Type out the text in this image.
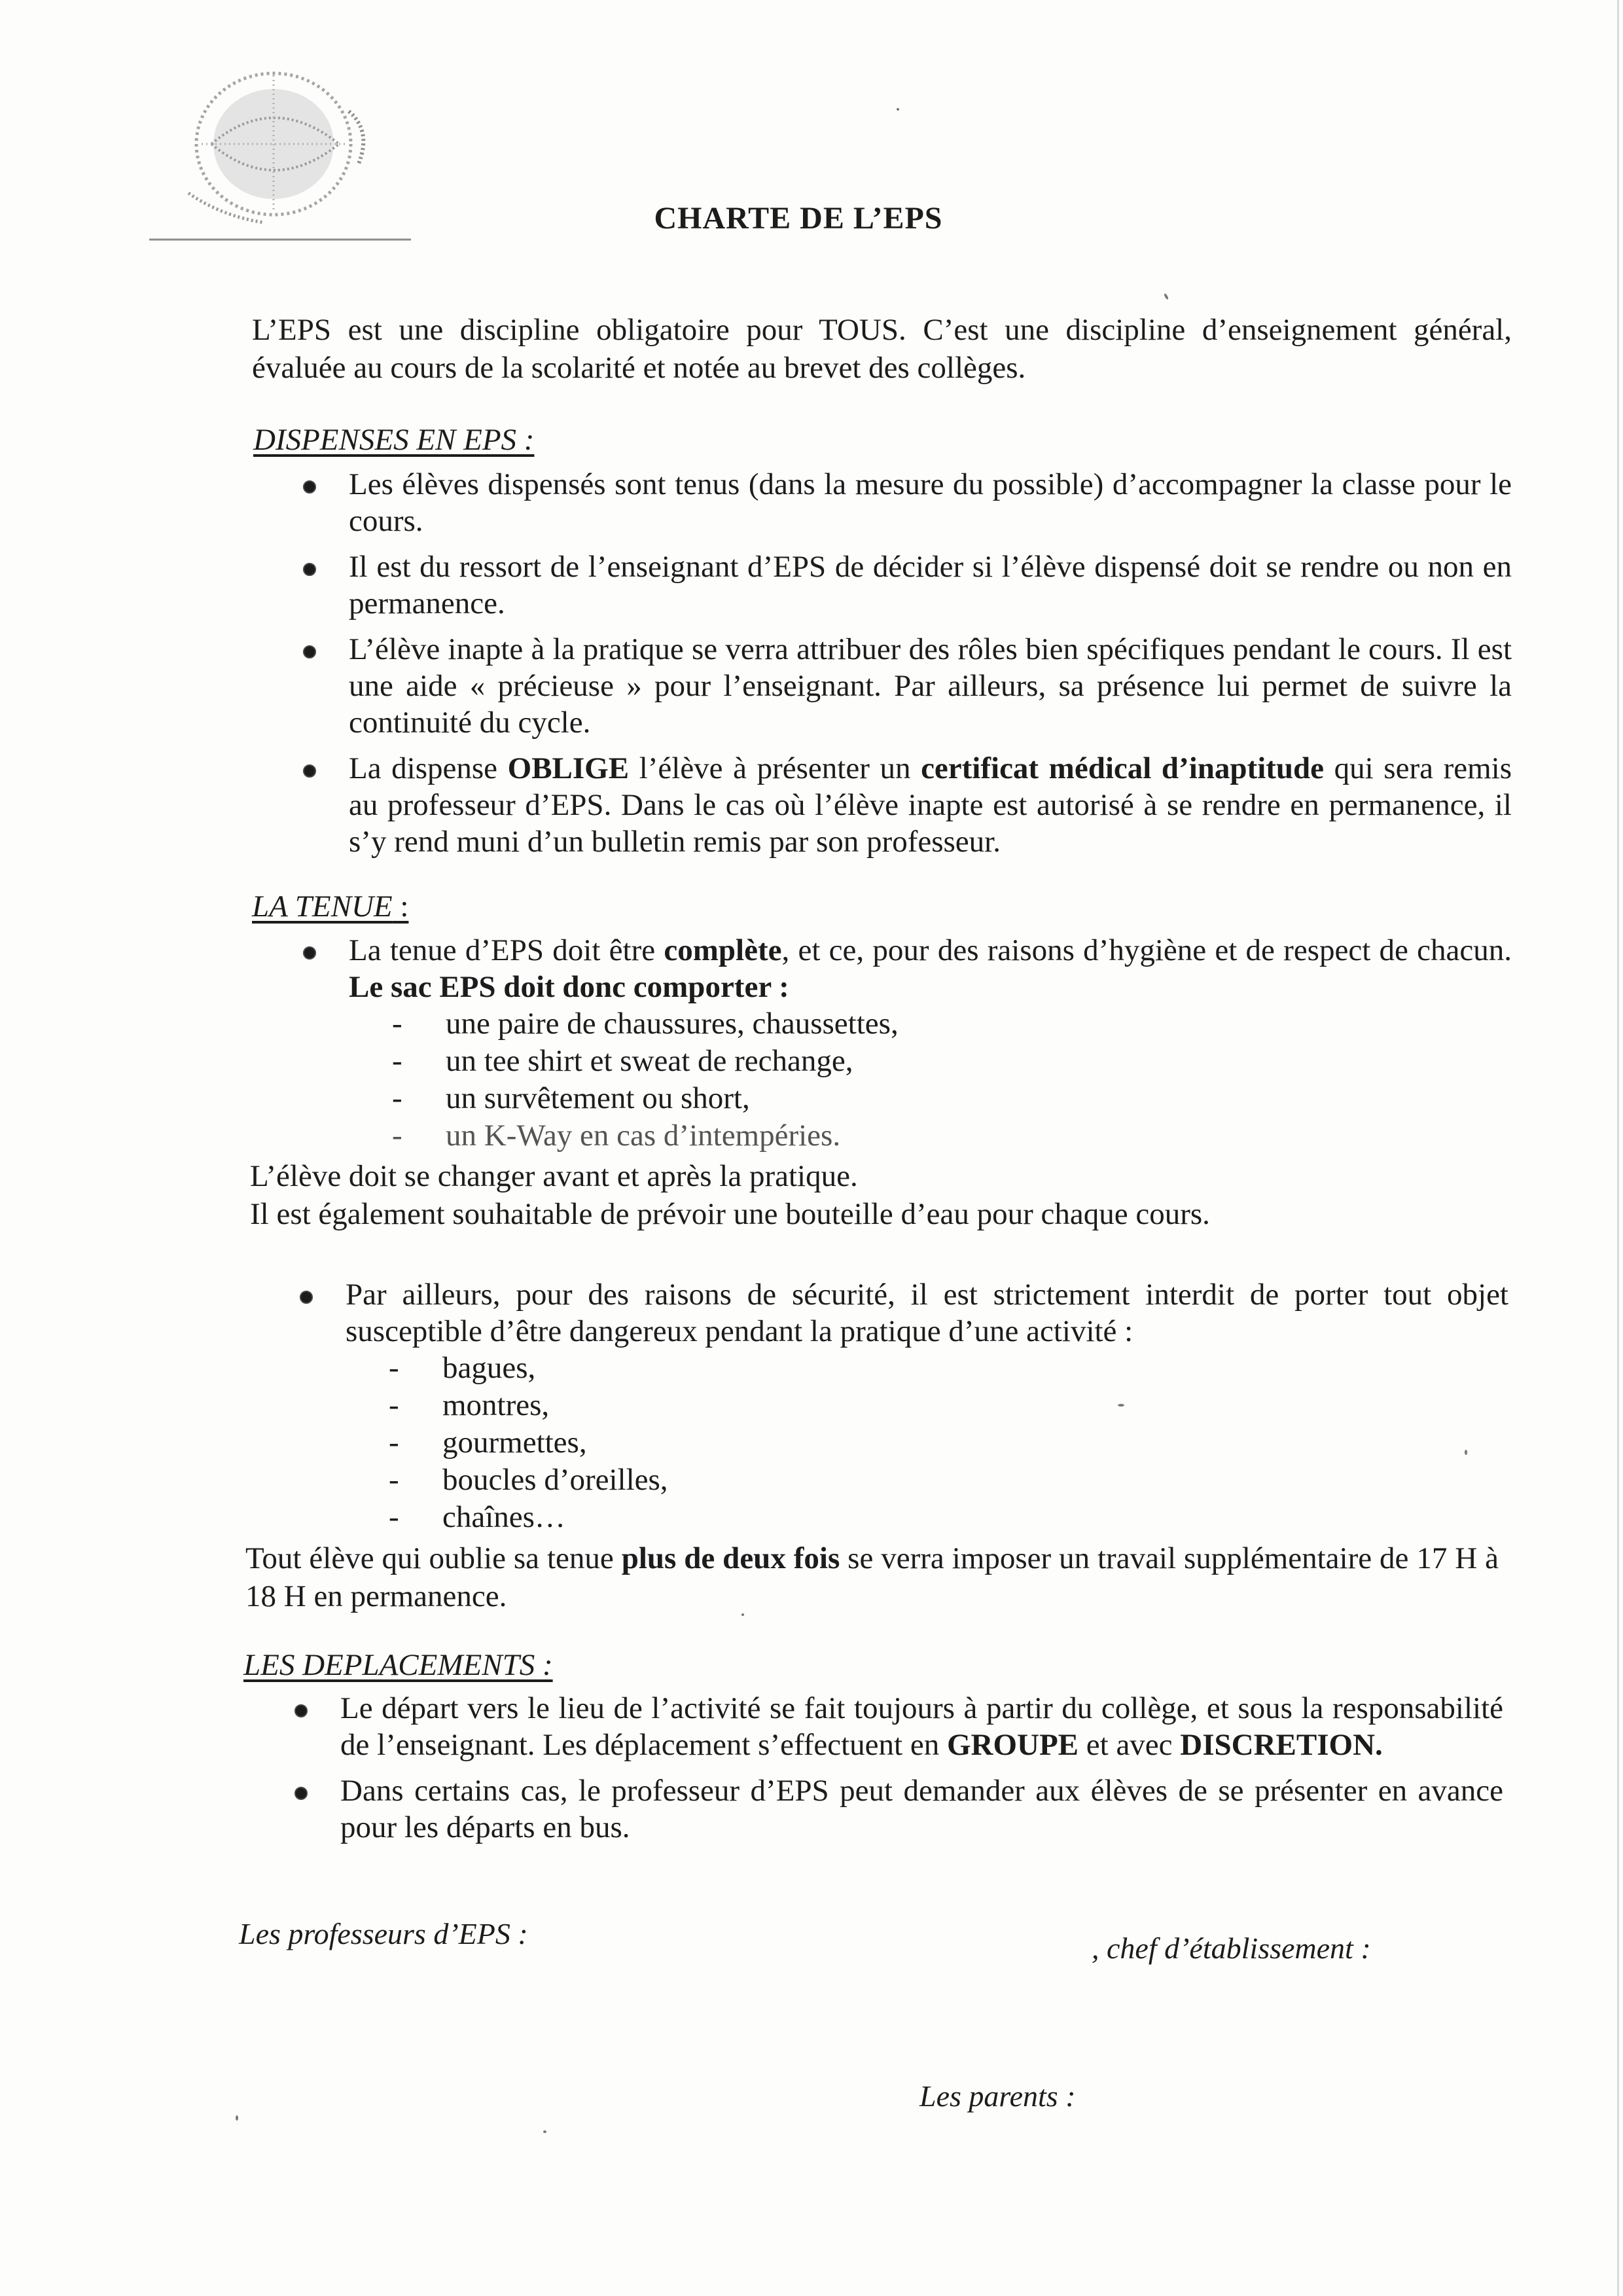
CHARTE DE L’EPS
L’EPS est une discipline obligatoire pour TOUS. C’est une discipline d’enseignement général, évaluée au cours de la scolarité et notée au brevet des collèges.
DISPENSES EN EPS :
Les élèves dispensés sont tenus (dans la mesure du possible) d’accompagner la classe pour le cours.
Il est du ressort de l’enseignant d’EPS de décider si l’élève dispensé doit se rendre ou non en permanence.
L’élève inapte à la pratique se verra attribuer des rôles bien spécifiques pendant le cours. Il est une aide « précieuse » pour l’enseignant. Par ailleurs, sa présence lui permet de suivre la continuité du cycle.
La dispense OBLIGE l’élève à présenter un certificat médical d’inaptitude qui sera remis au professeur d’EPS. Dans le cas où l’élève inapte est autorisé à se rendre en permanence, il s’y rend muni d’un bulletin remis par son professeur.
LA TENUE :
La tenue d’EPS doit être complète, et ce, pour des raisons d’hygiène et de respect de chacun. Le sac EPS doit donc comporter :
- une paire de chaussures, chaussettes,
- un tee shirt et sweat de rechange,
- un survêtement ou short,
- un K-Way en cas d’intempéries.
L’élève doit se changer avant et après la pratique.
Il est également souhaitable de prévoir une bouteille d’eau pour chaque cours.
Par ailleurs, pour des raisons de sécurité, il est strictement interdit de porter tout objet susceptible d’être dangereux pendant la pratique d’une activité :
- bagues,
- montres,
- gourmettes,
- boucles d’oreilles,
- chaînes…
Tout élève qui oublie sa tenue plus de deux fois se verra imposer un travail supplémentaire de 17 H à 18 H en permanence.
LES DEPLACEMENTS :
Le départ vers le lieu de l’activité se fait toujours à partir du collège, et sous la responsabilité de l’enseignant. Les déplacement s’effectuent en GROUPE et avec DISCRETION.
Dans certains cas, le professeur d’EPS peut demander aux élèves de se présenter en avance pour les départs en bus.
Les professeurs d’EPS :	, chef d’établissement :
Les parents :
